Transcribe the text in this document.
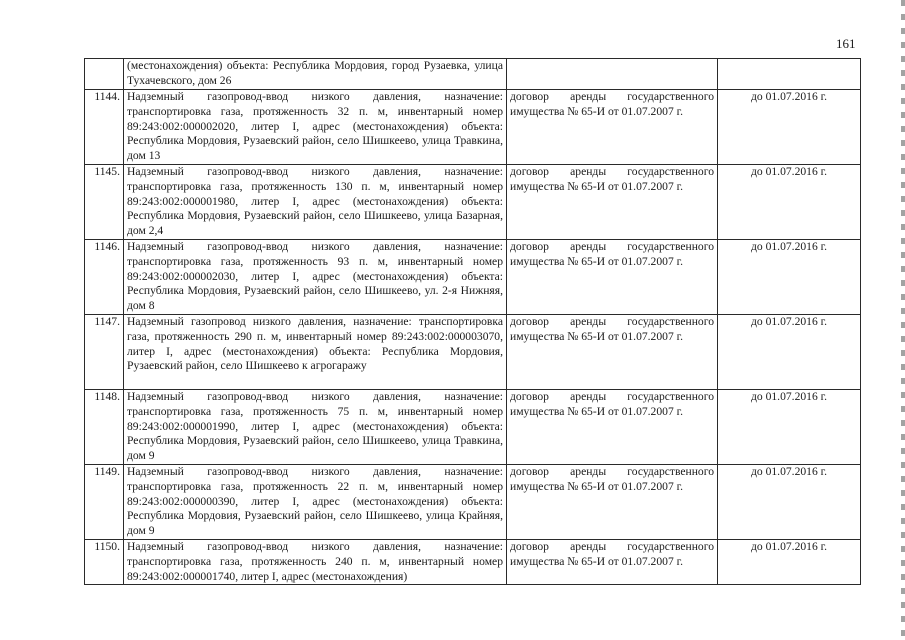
161
	(местонахождения) объекта: Республика Мордовия, город Рузаевка, улица Тухачевского, дом 26		
1144.	Надземный газопровод-ввод низкого давления, назначение: транспортировка газа, протяженность 32 п. м, инвентарный номер 89:243:002:000002020, литер I, адрес (местонахождения) объекта: Республика Мордовия, Рузаевский район, село Шишкеево, улица Травкина, дом 13	договор аренды государственного имущества № 65-И от 01.07.2007 г.	до 01.07.2016 г.
1145.	Надземный газопровод-ввод низкого давления, назначение: транспортировка газа, протяженность 130 п. м, инвентарный номер 89:243:002:000001980, литер I, адрес (местонахождения) объекта: Республика Мордовия, Рузаевский район, село Шишкеево, улица Базарная, дом 2,4	договор аренды государственного имущества № 65-И от 01.07.2007 г.	до 01.07.2016 г.
1146.	Надземный газопровод-ввод низкого давления, назначение: транспортировка газа, протяженность 93 п. м, инвентарный номер 89:243:002:000002030, литер I, адрес (местонахождения) объекта: Республика Мордовия, Рузаевский район, село Шишкеево, ул. 2-я Нижняя, дом 8	договор аренды государственного имущества № 65-И от 01.07.2007 г.	до 01.07.2016 г.
1147.	Надземный газопровод низкого давления, назначение: транспортировка газа, протяженность 290 п. м, инвентарный номер 89:243:002:000003070, литер I, адрес (местонахождения) объекта: Республика Мордовия, Рузаевский район, село Шишкеево к агрогаражу	договор аренды государственного имущества № 65-И от 01.07.2007 г.	до 01.07.2016 г.
1148.	Надземный газопровод-ввод низкого давления, назначение: транспортировка газа, протяженность 75 п. м, инвентарный номер 89:243:002:000001990, литер I, адрес (местонахождения) объекта: Республика Мордовия, Рузаевский район, село Шишкеево, улица Травкина, дом 9	договор аренды государственного имущества № 65-И от 01.07.2007 г.	до 01.07.2016 г.
1149.	Надземный газопровод-ввод низкого давления, назначение: транспортировка газа, протяженность 22 п. м, инвентарный номер 89:243:002:000000390, литер I, адрес (местонахождения) объекта: Республика Мордовия, Рузаевский район, село Шишкеево, улица Крайняя, дом 9	договор аренды государственного имущества № 65-И от 01.07.2007 г.	до 01.07.2016 г.
1150.	Надземный газопровод-ввод низкого давления, назначение: транспортировка газа, протяженность 240 п. м, инвентарный номер 89:243:002:000001740, литер I, адрес (местонахождения)	договор аренды государственного имущества № 65-И от 01.07.2007 г.	до 01.07.2016 г.
